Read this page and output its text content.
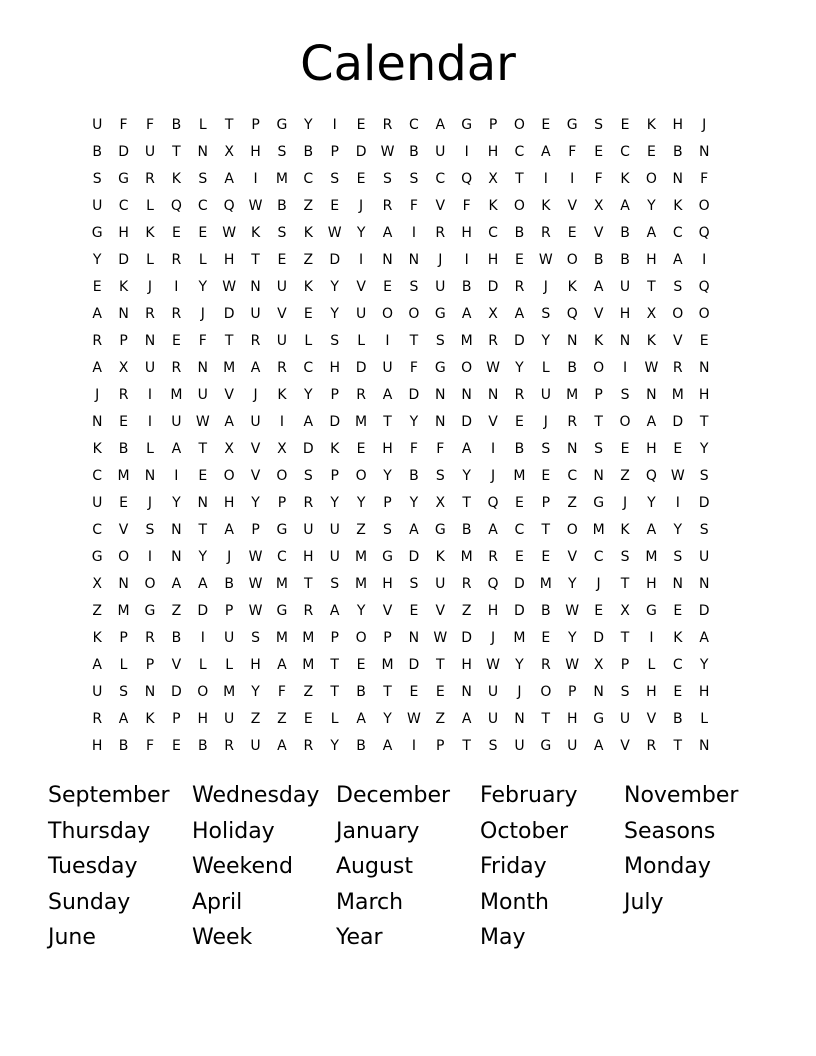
Calendar
U	F	F	B	L	T	P	G	Y	I	E	R	C	A	G	P	O	E	G	S	E	K	H	J
B	D	U	T	N	X	H	S	B	P	D	W	B	U	I	H	C	A	F	E	C	E	B	N
S	G	R	K	S	A	I	M	C	S	E	S	S	C	Q	X	T	I	I	F	K	O	N	F
U	C	L	Q	C	Q W	B	Z	E	J	R	F	V	F	K	O	K	V	X	A	Y	K	O
G	H	K	E	E	W	K	S	K	W	Y	A	I	R	H	C	B	R	E	V	B	A	C	Q
Y	D	L	R	L	H	T	E	Z	D	I	N	N	J	I	H	E	W O	B	B	H	A	I
E	K	J	I	Y	W	N	U	K	Y	V	E	S	U	B	D	R	J	K	A	U	T	S	Q
A	N	R	R	J	D	U	V	E	Y	U	O	O	G	A	X	A	S	Q	V	H	X	O	O
R	P	N	E	F	T	R	U	L	S	L	I	T	S	M	R	D	Y	N	K	N	K	V	E
A	X	U	R	N	M	A	R	C	H	D	U	F	G	O W	Y	L	B	O	I	W	R	N
J	R	I	M	U	V	J	K	Y	P	R	A	D	N	N	N	R	U	M	P	S	N	M	H
N	E	I	U	W	A	U	I	A	D	M	T	Y	N	D	V	E	J	R	T	O	A	D	T
K	B	L	A	T	X	V	X	D	K	E	H	F	F	A	I	B	S	N	S	E	H	E	Y
C	M	N	I	E	O	V	O	S	P	O	Y	B	S	Y	J	M	E	C	N	Z	Q W	S
U	E	J	Y	N	H	Y	P	R	Y	Y	P	Y	X	T	Q	E	P	Z	G	J	Y	I	D
C	V	S	N	T	A	P	G	U	U	Z	S	A	G	B	A	C	T	O	M	K	A	Y	S
G	O	I	N	Y	J	W	C	H	U	M	G	D	K	M	R	E	E	V	C	S	M	S	U
X	N	O	A	A	B	W M	T	S	M	H	S	U	R	Q	D	M	Y	J	T	H	N	N
Z	M	G	Z	D	P	W	G	R	A	Y	V	E	V	Z	H	D	B	W	E	X	G	E	D
K	P	R	B	I	U	S	M	M	P	O	P	N	W	D	J	M	E	Y	D	T	I	K	A
A	L	P	V	L	L	H	A	M	T	E	M	D	T	H	W	Y	R	W	X	P	L	C	Y
U	S	N	D	O	M	Y	F	Z	T	B	T	E	E	N	U	J	O	P	N	S	H	E	H
R	A	K	P	H	U	Z	Z	E	L	A	Y	W	Z	A	U	N	T	H	G	U	V	B	L
H	B	F	E	B	R	U	A	R	Y	B	A	I	P	T	S	U	G	U	A	V	R	T	N
September	Wednesday December	February	November
Thursday	Holiday	January	October	Seasons
Tuesday	Weekend	August	Friday	Monday
Sunday	April	March	Month	July
June	Week	Year	May
